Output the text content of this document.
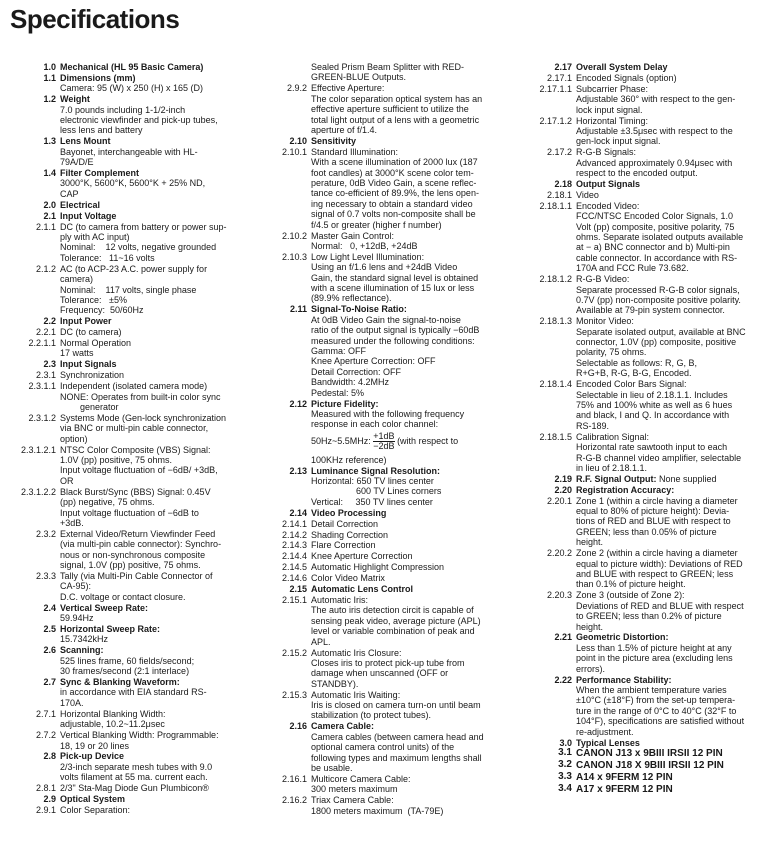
Specifications
1.0 Mechanical (HL 95 Basic Camera)
1.1 Dimensions (mm)
Camera: 95 (W) x 250 (H) x 165 (D)
1.2 Weight
7.0 pounds including 1-1/2-inch
electronic viewfinder and pick-up tubes,
less lens and battery
1.3 Lens Mount
Bayonet, interchangeable with HL-
79A/D/E
1.4 Filter Complement
3000°K, 5600°K, 5600°K + 25% ND,
CAP
2.0 Electrical
2.1 Input Voltage
2.1.1 DC (to camera from battery or power sup-
ply with AC input)
Nominal:    12 volts, negative grounded
Tolerance:   11~16 volts
2.1.2 AC (to ACP-23 A.C. power supply for
camera)
Nominal:    117 volts, single phase
Tolerance:   ±5%
Frequency:  50/60Hz
2.2 Input Power
2.2.1 DC (to camera)
2.2.1.1 Normal Operation
17 watts
2.3 Input Signals
2.3.1 Synchronization
2.3.1.1 Independent (isolated camera mode)
NONE: Operates from built-in color sync
generator
2.3.1.2 Systems Mode (Gen-lock synchronization
via BNC or multi-pin cable connector,
option)
2.3.1.2.1 NTSC Color Composite (VBS) Signal:
1.0V (pp) positive, 75 ohms.
Input voltage fluctuation of −6dB/ +3dB,
OR
2.3.1.2.2 Black Burst/Sync (BBS) Signal: 0.45V
(pp) negative, 75 ohms.
Input voltage fluctuation of −6dB to
+3dB.
2.3.2 External Video/Return Viewfinder Feed
(via multi-pin cable connector): Synchro-
nous or non-synchronous composite
signal, 1.0V (pp) positive, 75 ohms.
2.3.3 Tally (via Multi-Pin Cable Connector of
CA-95):
D.C. voltage or contact closure.
2.4 Vertical Sweep Rate:
59.94Hz
2.5 Horizontal Sweep Rate:
15.7342kHz
2.6 Scanning:
525 lines frame, 60 fields/second;
30 frames/second (2:1 interlace)
2.7 Sync & Blanking Waveform:
in accordance with EIA standard RS-
170A.
2.7.1 Horizontal Blanking Width:
adjustable, 10.2~11.2μsec
2.7.2 Vertical Blanking Width: Programmable:
18, 19 or 20 lines
2.8 Pick-up Device
2/3-inch separate mesh tubes with 9.0
volts filament at 55 ma. current each.
2.8.1 2/3" Sta-Mag Diode Gun Plumbicon®
2.9 Optical System
2.9.1 Color Separation:
Sealed Prism Beam Splitter with RED-
GREEN-BLUE Outputs.
2.9.2 Effective Aperture:
The color separation optical system has an
effective aperture sufficient to utilize the
total light output of a lens with a geometric
aperture of f/1.4.
2.10 Sensitivity
2.10.1 Standard Illumination:
With a scene illumination of 2000 lux (187
foot candles) at 3000°K scene color tem-
perature, 0dB Video Gain, a scene reflec-
tance co-efficient of 89.9%, the lens open-
ing necessary to obtain a standard video
signal of 0.7 volts non-composite shall be
f/4.5 or greater (higher f number)
2.10.2 Master Gain Control:
Normal:   0, +12dB, +24dB
2.10.3 Low Light Level Illumination:
Using an f/1.6 lens and +24dB Video
Gain, the standard signal level is obtained
with a scene illumination of 15 lux or less
(89.9% reflectance).
2.11 Signal-To-Noise Ratio:
At 0dB Video Gain the signal-to-noise
ratio of the output signal is typically −60dB
measured under the following conditions:
Gamma: OFF
Knee Aperture Correction: OFF
Detail Correction: OFF
Bandwidth: 4.2MHz
Pedestal: 5%
2.12 Picture Fidelity:
Measured with the following frequency
response in each color channel:
50Hz~5.5MHz: $\frac{+1dB}{-2dB}$ (with respect to
100KHz reference)
2.13 Luminance Signal Resolution:
Horizontal: 650 TV lines center
600 TV Lines corners
Vertical:     350 TV lines center
2.14 Video Processing
2.14.1 Detail Correction
2.14.2 Shading Correction
2.14.3 Flare Correction
2.14.4 Knee Aperture Correction
2.14.5 Automatic Highlight Compression
2.14.6 Color Video Matrix
2.15 Automatic Lens Control
2.15.1 Automatic Iris:
The auto iris detection circit is capable of
sensing peak video, average picture (APL)
level or variable combination of peak and
APL.
2.15.2 Automatic Iris Closure:
Closes iris to protect pick-up tube from
damage when unscanned (OFF or
STANDBY).
2.15.3 Automatic Iris Waiting:
Iris is closed on camera turn-on until beam
stabilization (to protect tubes).
2.16 Camera Cable:
Camera cables (between camera head and
optional camera control units) of the
following types and maximum lengths shall
be usable.
2.16.1 Multicore Camera Cable:
300 meters maximum
2.16.2 Triax Camera Cable:
1800 meters maximum  (TA-79E)
2.17 Overall System Delay
2.17.1 Encoded Signals (option)
2.17.1.1 Subcarrier Phase:
Adjustable 360° with respect to the gen-
lock input signal.
2.17.1.2 Horizontal Timing:
Adjustable ±3.5μsec with respect to the
gen-lock input signal.
2.17.2 R-G-B Signals:
Advanced approximately 0.94μsec with
respect to the encoded output.
2.18 Output Signals
2.18.1 Video
2.18.1.1 Encoded Video:
FCC/NTSC Encoded Color Signals, 1.0
Volt (pp) composite, positive polarity, 75
ohms. Separate isolated outputs available
at − a) BNC connector and b) Multi-pin
cable connector. In accordance with RS-
170A and FCC Rule 73.682.
2.18.1.2 R-G-B Video:
Separate processed R-G-B color signals,
0.7V (pp) non-composite positive polarity.
Available at 79-pin system connector.
2.18.1.3 Monitor Video:
Separate isolated output, available at BNC
connector, 1.0V (pp) composite, positive
polarity, 75 ohms.
Selectable as follows: R, G, B,
R+G+B, R-G, B-G, Encoded.
2.18.1.4 Encoded Color Bars Signal:
Selectable in lieu of 2.18.1.1. Includes
75% and 100% white as well as 6 hues
and black, I and Q. In accordance with
RS-189.
2.18.1.5 Calibration Signal:
Horizontal rate sawtooth input to each
R-G-B channel video amplifier, selectable
in lieu of 2.18.1.1.
2.19 R.F. Signal Output: None supplied
2.20 Registration Accuracy:
2.20.1 Zone 1 (within a circle having a diameter
equal to 80% of picture height): Devia-
tions of RED and BLUE with respect to
GREEN; less than 0.05% of picture
height.
2.20.2 Zone 2 (within a circle having a diameter
equal to picture width): Deviations of RED
and BLUE with respect to GREEN; less
than 0.1% of picture height.
2.20.3 Zone 3 (outside of Zone 2):
Deviations of RED and BLUE with respect
to GREEN; less than 0.2% of picture
height.
2.21 Geometric Distortion:
Less than 1.5% of picture height at any
point in the picture area (excluding lens
errors).
2.22 Performance Stability:
When the ambient temperature varies
±10°C (±18°F) from the set-up tempera-
ture in the range of 0°C to 40°C (32°F to
104°F), specifications are satisfied without
re-adjustment.
3.0 Typical Lenses
3.1 CANON J13 x 9BIII IRSII 12 PIN
3.2 CANON J18 X 9BIII IRSII 12 PIN
3.3 A14 x 9FERM 12 PIN
3.4 A17 x 9FERM 12 PIN
